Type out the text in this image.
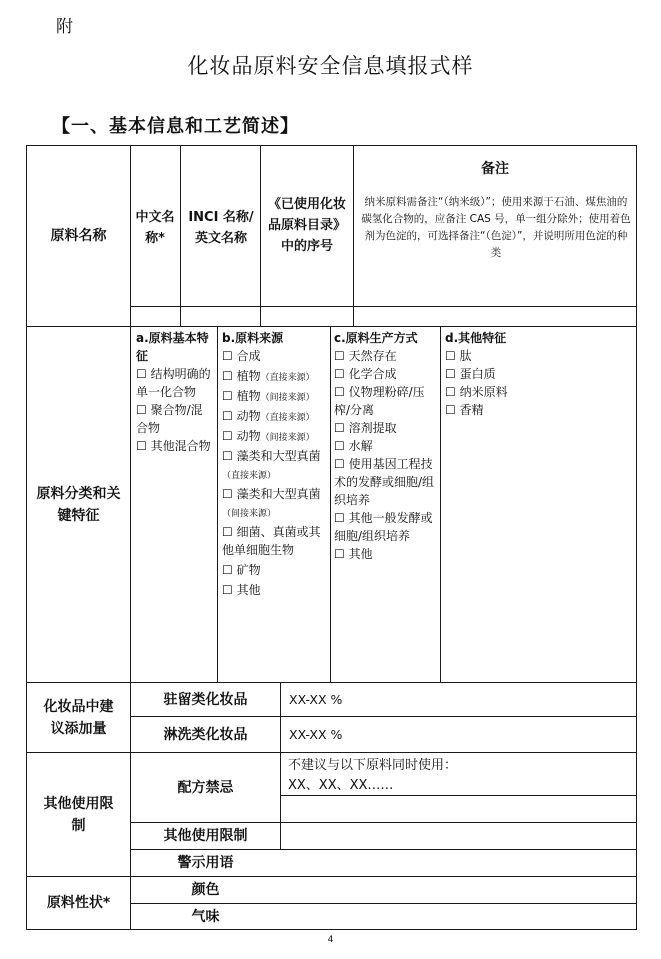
附
化妆品原料安全信息填报式样
【一、基本信息和工艺简述】
原料名称
中文名称*
INCI 名称/英文名称
《已使用化妆品原料目录》中的序号
备注
纳米原料需备注“（纳米级）”；使用来源于石油、煤焦油的碳氢化合物的，应备注 CAS 号，单一组分除外；使用着色剂为色淀的，可选择备注“（色淀）”，并说明所用色淀的种类
原料分类和关键特征
a.原料基本特征
☐ 结构明确的单一化合物
☐ 聚合物/混合物
☐ 其他混合物
b.原料来源
☐ 合成
☐ 植物（直接来源）
☐ 植物（间接来源）
☐ 动物（直接来源）
☐ 动物（间接来源）
☐ 藻类和大型真菌（直接来源）
☐ 藻类和大型真菌（间接来源）
☐ 细菌、真菌或其他单细胞生物
☐ 矿物
☐ 其他
c.原料生产方式
☐ 天然存在
☐ 化学合成
☐ 仪物理粉碎/压榨/分离
☐ 溶剂提取
☐ 水解
☐ 使用基因工程技术的发酵或细胞/组织培养
☐ 其他一般发酵或细胞/组织培养
☐ 其他
d.其他特征
☐ 肽
☐ 蛋白质
☐ 纳米原料
☐ 香精
化妆品中建议添加量
驻留类化妆品	XX-XX %
淋洗类化妆品	XX-XX %
其他使用限制
配方禁忌
不建议与以下原料同时使用：
XX、XX、XX……
其他使用限制
警示用语
原料性状*
颜色
气味
4
